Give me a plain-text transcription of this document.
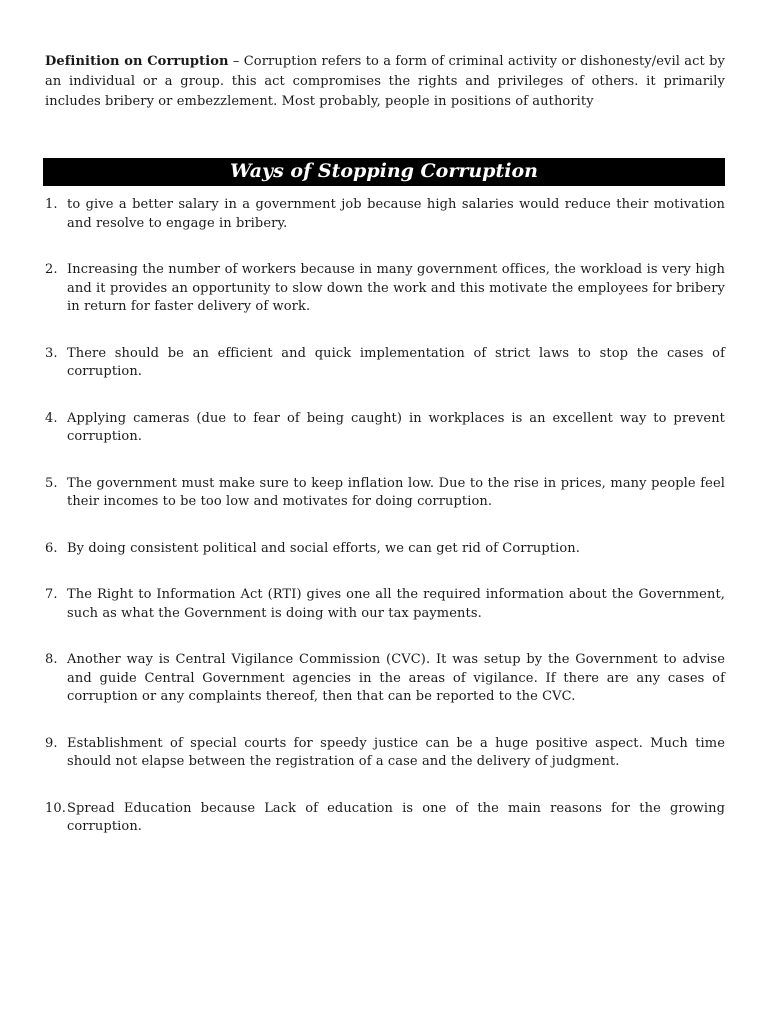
Definition on Corruption – Corruption refers to a form of criminal activity or dishonesty/evil act by an individual or a group. this act compromises the rights and privileges of others. it primarily includes bribery or embezzlement. Most probably, people in positions of authority

Ways of Stopping Corruption
1. to give a better salary in a government job because high salaries would reduce their motivation and resolve to engage in bribery.
2. Increasing the number of workers because in many government offices, the workload is very high and it provides an opportunity to slow down the work and this motivate the employees for bribery in return for faster delivery of work.
3. There should be an efficient and quick implementation of strict laws to stop the cases of corruption.
4. Applying cameras (due to fear of being caught) in workplaces is an excellent way to prevent corruption.
5. The government must make sure to keep inflation low. Due to the rise in prices, many people feel their incomes to be too low and motivates for doing corruption.
6. By doing consistent political and social efforts, we can get rid of Corruption.
7. The Right to Information Act (RTI) gives one all the required information about the Government, such as what the Government is doing with our tax payments.
8. Another way is Central Vigilance Commission (CVC). It was setup by the Government to advise and guide Central Government agencies in the areas of vigilance. If there are any cases of corruption or any complaints thereof, then that can be reported to the CVC.
9. Establishment of special courts for speedy justice can be a huge positive aspect. Much time should not elapse between the registration of a case and the delivery of judgment.
10. Spread Education because Lack of education is one of the main reasons for the growing corruption.
